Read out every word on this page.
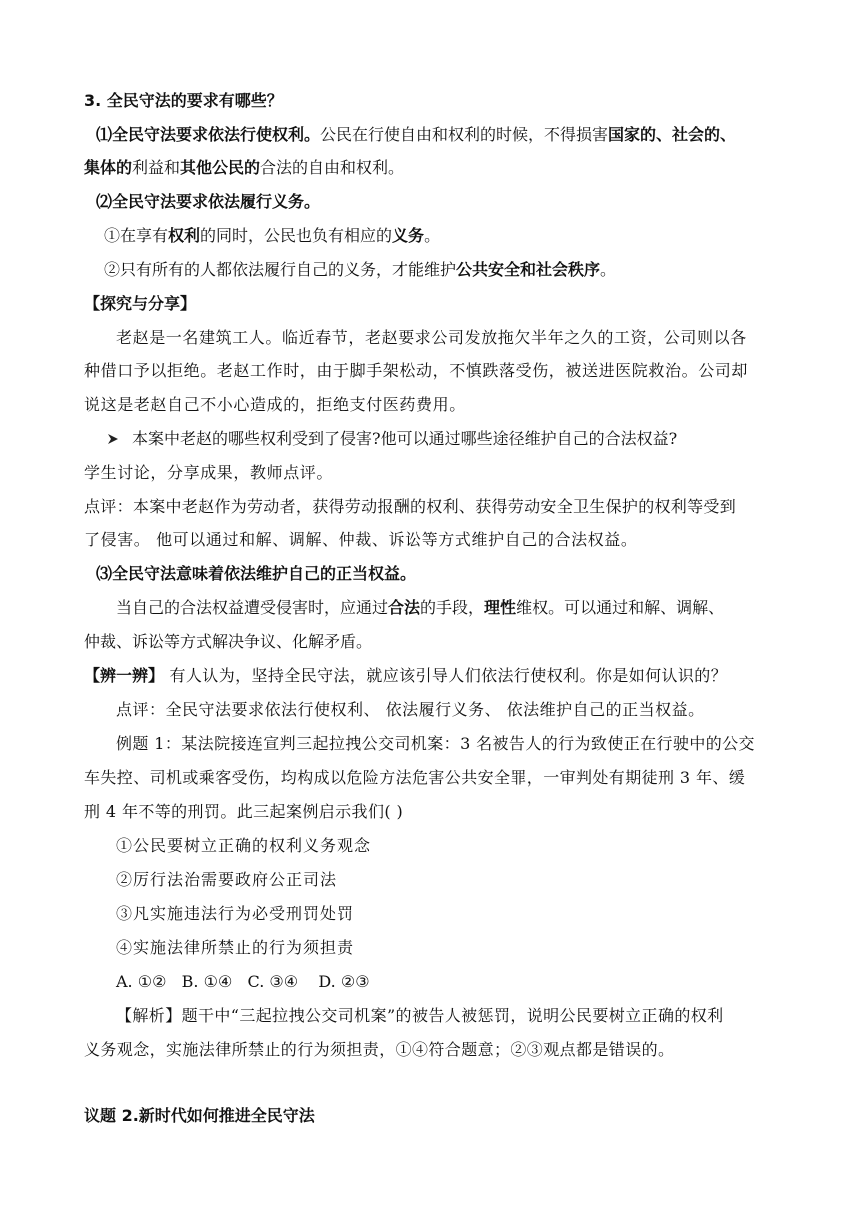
3. 全民守法的要求有哪些？
⑴全民守法要求依法行使权利。公民在行使自由和权利的时候，不得损害国家的、社会的、
集体的利益和其他公民的合法的自由和权利。
⑵全民守法要求依法履行义务。
①在享有权利的同时，公民也负有相应的义务。
②只有所有的人都依法履行自己的义务，才能维护公共安全和社会秩序。
【探究与分享】
老赵是一名建筑工人。临近春节，老赵要求公司发放拖欠半年之久的工资，公司则以各
种借口予以拒绝。老赵工作时，由于脚手架松动，不慎跌落受伤，被送进医院救治。公司却
说这是老赵自己不小心造成的，拒绝支付医药费用。
本案中老赵的哪些权利受到了侵害?他可以通过哪些途径维护自己的合法权益?
学生讨论，分享成果，教师点评。
点评：本案中老赵作为劳动者，获得劳动报酬的权利、获得劳动安全卫生保护的权利等受到
了侵害。 他可以通过和解、调解、仲裁、诉讼等方式维护自己的合法权益。
⑶全民守法意味着依法维护自己的正当权益。
当自己的合法权益遭受侵害时，应通过合法的手段，理性维权。可以通过和解、调解、
仲裁、诉讼等方式解决争议、化解矛盾。
【辨一辨】 有人认为，坚持全民守法，就应该引导人们依法行使权利。你是如何认识的？
点评：全民守法要求依法行使权利、 依法履行义务、 依法维护自己的正当权益。
例题 1：某法院接连宣判三起拉拽公交司机案：3 名被告人的行为致使正在行驶中的公交
车失控、司机或乘客受伤，均构成以危险方法危害公共安全罪，一审判处有期徒刑 3 年、缓
刑 4 年不等的刑罚。此三起案例启示我们( )
①公民要树立正确的权利义务观念
②厉行法治需要政府公正司法
③凡实施违法行为必受刑罚处罚
④实施法律所禁止的行为须担责
A. ①②   B. ①④   C. ③④    D. ②③
【解析】题干中“三起拉拽公交司机案”的被告人被惩罚，说明公民要树立正确的权利
义务观念，实施法律所禁止的行为须担责，①④符合题意；②③观点都是错误的。
议题 2.新时代如何推进全民守法
